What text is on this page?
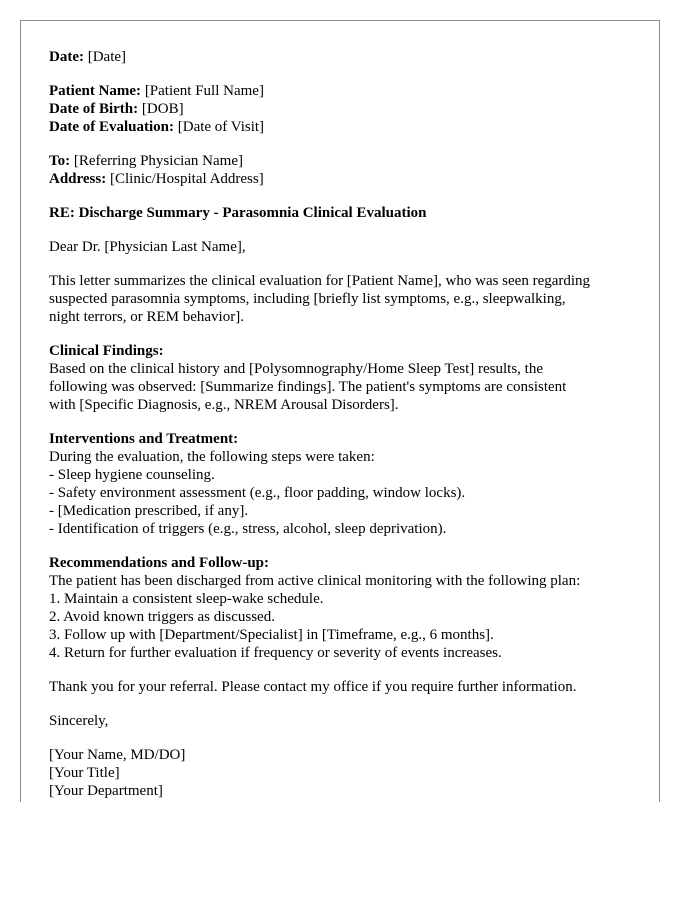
Date: [Date]
Patient Name: [Patient Full Name]
Date of Birth: [DOB]
Date of Evaluation: [Date of Visit]
To: [Referring Physician Name]
Address: [Clinic/Hospital Address]
RE: Discharge Summary - Parasomnia Clinical Evaluation
Dear Dr. [Physician Last Name],
This letter summarizes the clinical evaluation for [Patient Name], who was seen regarding
suspected parasomnia symptoms, including [briefly list symptoms, e.g., sleepwalking,
night terrors, or REM behavior].
Clinical Findings:
Based on the clinical history and [Polysomnography/Home Sleep Test] results, the
following was observed: [Summarize findings]. The patient's symptoms are consistent
with [Specific Diagnosis, e.g., NREM Arousal Disorders].
Interventions and Treatment:
During the evaluation, the following steps were taken:
- Sleep hygiene counseling.
- Safety environment assessment (e.g., floor padding, window locks).
- [Medication prescribed, if any].
- Identification of triggers (e.g., stress, alcohol, sleep deprivation).
Recommendations and Follow-up:
The patient has been discharged from active clinical monitoring with the following plan:
1. Maintain a consistent sleep-wake schedule.
2. Avoid known triggers as discussed.
3. Follow up with [Department/Specialist] in [Timeframe, e.g., 6 months].
4. Return for further evaluation if frequency or severity of events increases.
Thank you for your referral. Please contact my office if you require further information.
Sincerely,
[Your Name, MD/DO]
[Your Title]
[Your Department]
